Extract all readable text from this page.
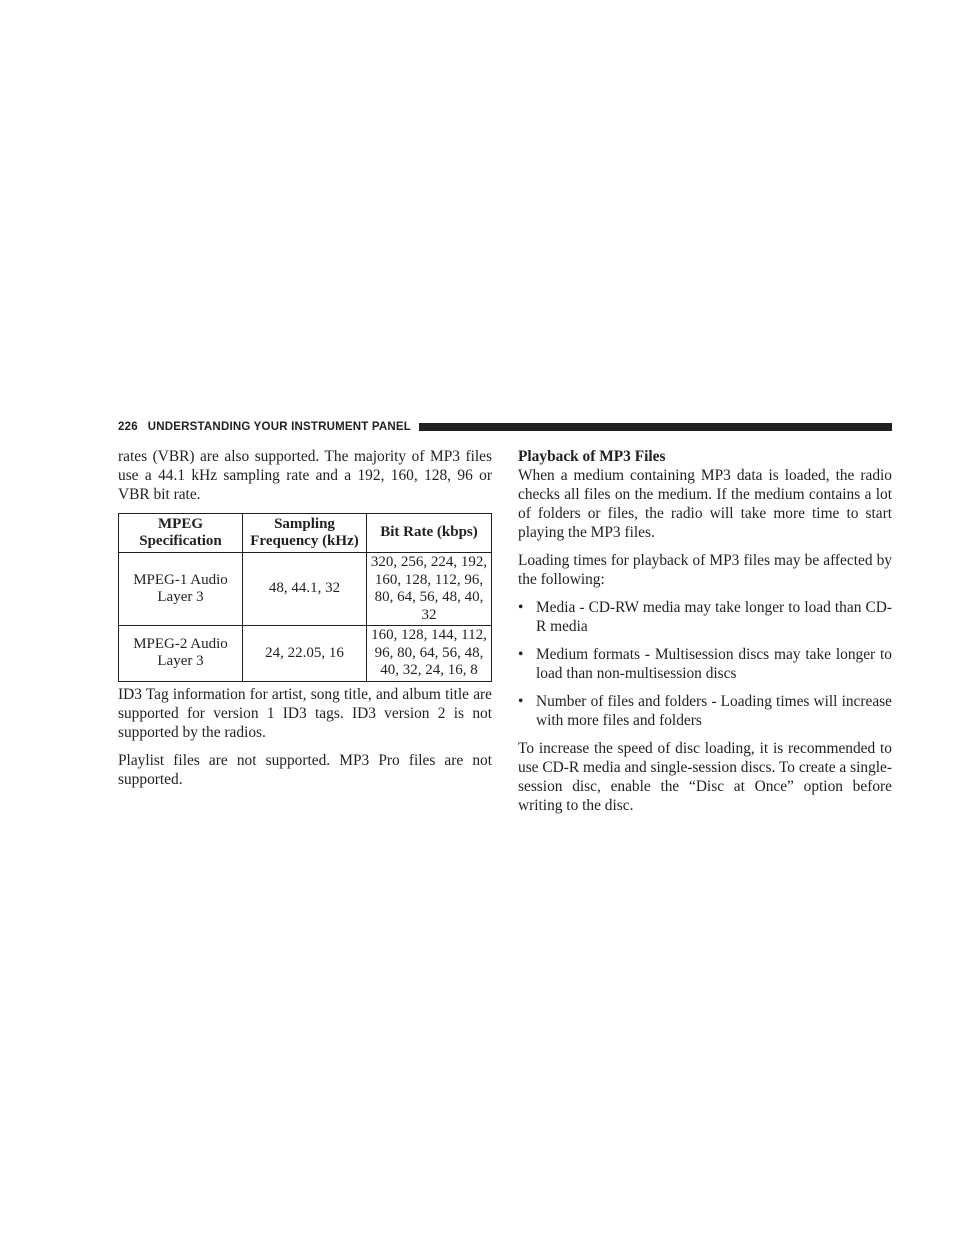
226 UNDERSTANDING YOUR INSTRUMENT PANEL

rates (VBR) are also supported. The majority of MP3 files use a 44.1 kHz sampling rate and a 192, 160, 128, 96 or VBR bit rate.

MPEG Specification	Sampling Frequency (kHz)	Bit Rate (kbps)
MPEG-1 Audio Layer 3	48, 44.1, 32	320, 256, 224, 192, 160, 128, 112, 96, 80, 64, 56, 48, 40, 32
MPEG-2 Audio Layer 3	24, 22.05, 16	160, 128, 144, 112, 96, 80, 64, 56, 48, 40, 32, 24, 16, 8

ID3 Tag information for artist, song title, and album title are supported for version 1 ID3 tags. ID3 version 2 is not supported by the radios.

Playlist files are not supported. MP3 Pro files are not supported.

Playback of MP3 Files

When a medium containing MP3 data is loaded, the radio checks all files on the medium. If the medium contains a lot of folders or files, the radio will take more time to start playing the MP3 files.

Loading times for playback of MP3 files may be affected by the following:

• Media - CD-RW media may take longer to load than CD-R media
• Medium formats - Multisession discs may take longer to load than non-multisession discs
• Number of files and folders - Loading times will increase with more files and folders

To increase the speed of disc loading, it is recommended to use CD-R media and single-session discs. To create a single-session disc, enable the “Disc at Once” option before writing to the disc.
